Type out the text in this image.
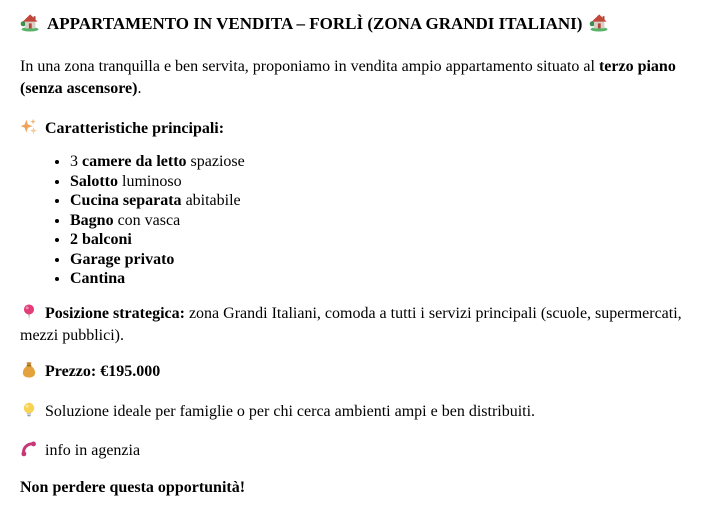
APPARTAMENTO IN VENDITA – FORLÌ (ZONA GRANDI ITALIANI)

In una zona tranquilla e ben servita, proponiamo in vendita ampio appartamento situato al terzo piano (senza ascensore).

Caratteristiche principali:

• 3 camere da letto spaziose
• Salotto luminoso
• Cucina separata abitabile
• Bagno con vasca
• 2 balconi
• Garage privato
• Cantina

Posizione strategica: zona Grandi Italiani, comoda a tutti i servizi principali (scuole, supermercati, mezzi pubblici).

Prezzo: €195.000

Soluzione ideale per famiglie o per chi cerca ambienti ampi e ben distribuiti.

info in agenzia

Non perdere questa opportunità!
